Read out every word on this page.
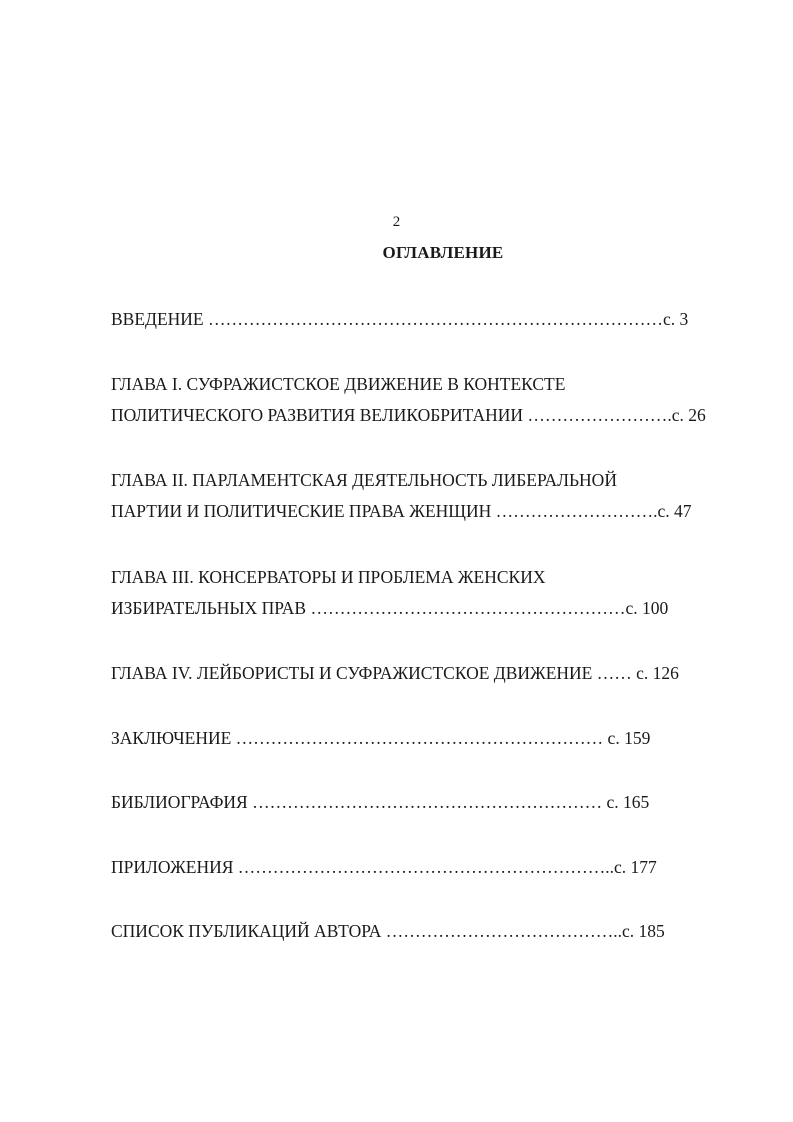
2
ОГЛАВЛЕНИЕ
ВВЕДЕНИЕ ……………………………………………………………………с. 3
ГЛАВА I. СУФРАЖИСТСКОЕ ДВИЖЕНИЕ В КОНТЕКСТЕ
ПОЛИТИЧЕСКОГО РАЗВИТИЯ ВЕЛИКОБРИТАНИИ …………………….с. 26
ГЛАВА II. ПАРЛАМЕНТСКАЯ ДЕЯТЕЛЬНОСТЬ ЛИБЕРАЛЬНОЙ
ПАРТИИ И ПОЛИТИЧЕСКИЕ ПРАВА ЖЕНЩИН ……………………….с. 47
ГЛАВА III. КОНСЕРВАТОРЫ И ПРОБЛЕМА ЖЕНСКИХ
ИЗБИРАТЕЛЬНЫХ ПРАВ ………………………………………………с. 100
ГЛАВА IV. ЛЕЙБОРИСТЫ И СУФРАЖИСТСКОЕ ДВИЖЕНИЕ …… с. 126
ЗАКЛЮЧЕНИЕ ……………………………………………………… с. 159
БИБЛИОГРАФИЯ …………………………………………………… с. 165
ПРИЛОЖЕНИЯ ………………………………………………………..с. 177
СПИСОК ПУБЛИКАЦИЙ АВТОРА …………………………………..с. 185
